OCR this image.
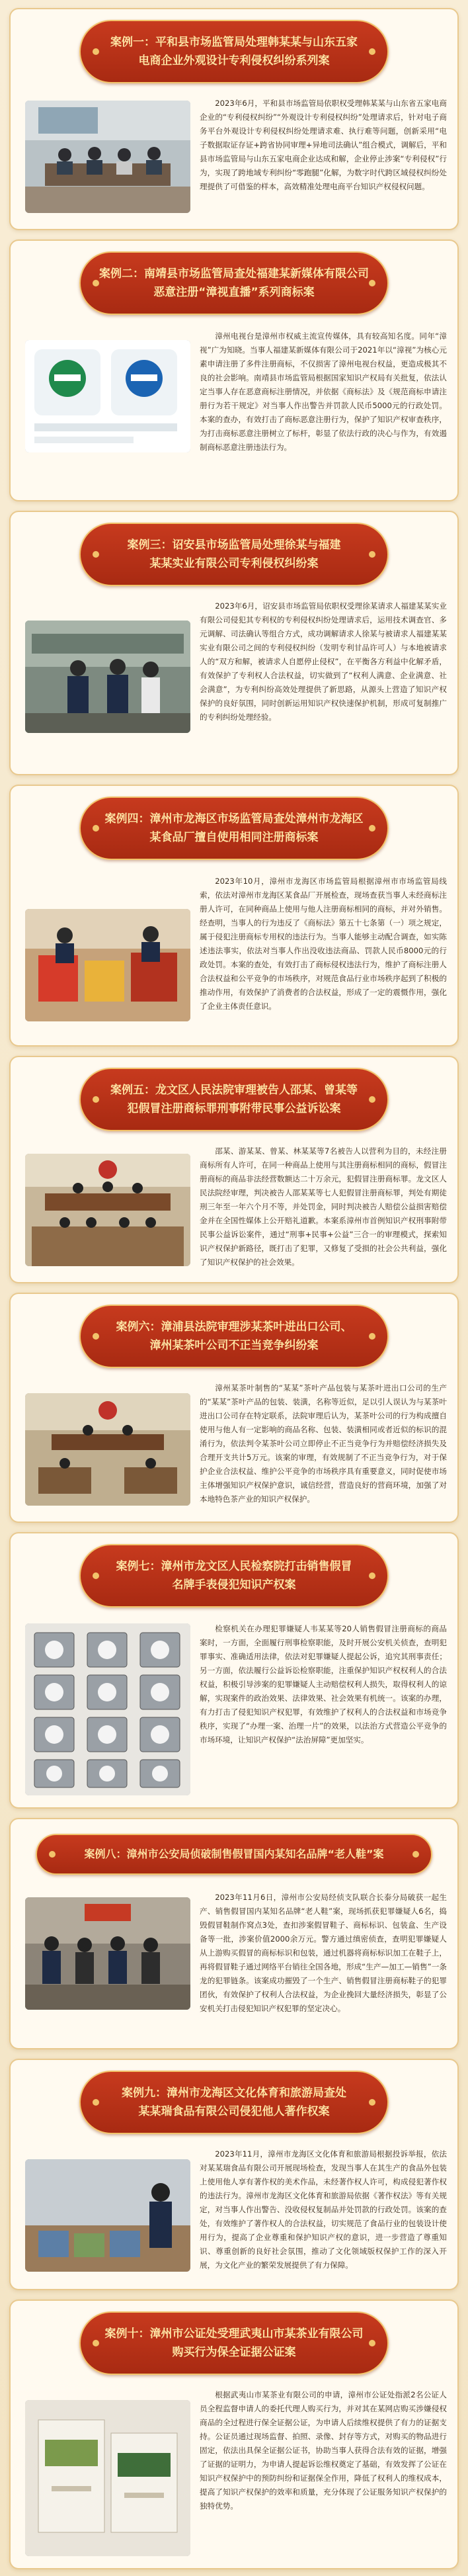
案例一：平和县市场监管局处理韩某某与山东五家
电商企业外观设计专利侵权纠纷系列案

2023年6月，平和县市场监管局依职权受理韩某某与山东省五家电商企业的“专利侵权纠纷”“外观设计专利侵权纠纷”处理请求后，针对电子商务平台外观设计专利侵权纠纷处理请求难、执行难等问题，创新采用“电子数据取证存证+跨省协同审理+异地司法确认”组合模式，调解后，平和县市场监管局与山东五家电商企业达成和解，企业停止涉案“专利侵权”行为，实现了跨地域专利纠纷“零跑腿”化解，为数字时代跨区域侵权纠纷处理提供了可借鉴的样本，高效精准处理电商平台知识产权侵权问题。

案例二：南靖县市场监管局查处福建某新媒体有限公司
恶意注册“漳视直播”系列商标案

漳州电视台是漳州市权威主流宣传媒体，具有较高知名度。同年“漳视”广为知晓。当事人福建某新媒体有限公司于2021年以“漳视”为核心元素申请注册了多件注册商标，不仅损害了漳州电视台权益，更造成极其不良的社会影响。南靖县市场监管局根据国家知识产权局有关批复，依法认定当事人存在恶意商标注册情况，并依据《商标法》及《规范商标申请注册行为若干规定》对当事人作出警告并罚款人民币5000元的行政处罚。本案的查办，有效打击了商标恶意注册行为，保护了知识产权审查秩序，为打击商标恶意注册树立了标杆，彰显了依法行政的决心与作为，有效遏制商标恶意注册违法行为。

案例三：诏安县市场监管局处理徐某与福建
某某实业有限公司专利侵权纠纷案

2023年6月，诏安县市场监管局依职权受理徐某请求人福建某某实业有限公司侵犯其专利权的专利侵权纠纷处理请求后，运用技术调查官、多元调解、司法确认等组合方式，成功调解请求人徐某与被请求人福建某某实业有限公司之间的专利侵权纠纷（发明专利甘品许可人）与本地被请求人的“双方和解，被请求人自愿停止侵权”，在平衡各方利益中化解矛盾，有效保护了专利权人合法权益，切实做到了“权利人满意、企业满意、社会满意”，为专利纠纷高效处理提供了新思路，从源头上营造了知识产权保护的良好氛围，同时创新运用知识产权快速保护机制，形成可复制推广的专利纠纷处理经验。

案例四：漳州市龙海区市场监管局查处漳州市龙海区
某食品厂擅自使用相同注册商标案

2023年10月，漳州市龙海区市场监管局根据漳州市市场监管局线索，依法对漳州市龙海区某食品厂开展检查，现场查获当事人未经商标注册人许可，在同种商品上使用与他人注册商标相同的商标，并对外销售。经查明，当事人的行为违反了《商标法》第五十七条第（一）项之规定，属于侵犯注册商标专用权的违法行为。当事人能够主动配合调查，如实陈述违法事实，依法对当事人作出没收违法商品、罚款人民币8000元的行政处罚。本案的查处，有效打击了商标侵权违法行为，维护了商标注册人合法权益和公平竞争的市场秩序，对规范食品行业市场秩序起到了积极的推动作用，有效保护了消费者的合法权益，形成了一定的震慑作用，强化了企业主体责任意识。

案例五：龙文区人民法院审理被告人邵某、曾某等
犯假冒注册商标罪刑事附带民事公益诉讼案

邵某、游某某、曾某、林某某等7名被告人以营利为目的，未经注册商标所有人许可，在同一种商品上使用与其注册商标相同的商标，假冒注册商标的商品非法经营数额达二十万余元，犯假冒注册商标罪。龙文区人民法院经审理，判决被告人邵某某等七人犯假冒注册商标罪，判处有期徒刑三年至一年六个月不等，并处罚金，同时判决被告人赔偿公益损害赔偿金并在全国性媒体上公开赔礼道歉。本案系漳州市首例知识产权刑事附带民事公益诉讼案件，通过“刑事+民事+公益”三合一的审理模式，探索知识产权保护新路径，既打击了犯罪，又修复了受损的社会公共利益，强化了知识产权保护的社会效果。

案例六：漳浦县法院审理涉某茶叶进出口公司、
漳州某茶叶公司不正当竞争纠纷案

漳州某茶叶制售的“某某”茶叶产品包装与某茶叶进出口公司的生产的“某某”茶叶产品的包装、装潢，名称等近似，足以引人误认为与某茶叶进出口公司存在特定联系，法院审理后认为，某茶叶公司的行为构成擅自使用与他人有一定影响的商品名称、包装、装潢相同或者近似的标识的混淆行为，依法判令某茶叶公司立即停止不正当竞争行为并赔偿经济损失及合理开支共计5万元。该案的审理，有效规制了不正当竞争行为，对于保护企业合法权益、维护公平竞争的市场秩序具有重要意义，同时促使市场主体增强知识产权保护意识，诚信经营，营造良好的营商环境，加强了对本地特色茶产业的知识产权保护。

案例七：漳州市龙文区人民检察院打击销售假冒
名牌手表侵犯知识产权案

检察机关在办理犯罪嫌疑人韦某某等20人销售假冒注册商标的商品案时，一方面，全面履行刑事检察职能，及时开展公安机关侦查，查明犯罪事实、准确适用法律，依法对犯罪嫌疑人提起公诉，追究其刑事责任；另一方面，依法履行公益诉讼检察职能，注重保护知识产权权利人的合法权益，积极引导涉案的犯罪嫌疑人主动赔偿权利人损失，取得权利人的谅解，实现案件的政治效果、法律效果、社会效果有机统一。该案的办理，有力打击了侵犯知识产权犯罪，有效维护了权利人的合法权益和市场竞争秩序，实现了“办理一案、治理一片”的效果，以法治方式营造公平竞争的市场环境，让知识产权保护“法治屏障”更加坚实。

案例八：漳州市公安局侦破制售假冒国内某知名品牌“老人鞋”案

2023年11月6日，漳州市公安局经侦支队联合长泰分局破获一起生产、销售假冒国内某知名品牌“老人鞋”案，现场抓获犯罪嫌疑人6名，捣毁假冒鞋制作窝点3处，查扣涉案假冒鞋子、商标标识、包装盒、生产设备等一批，涉案价值2000余万元。警方通过缜密侦查，查明犯罪嫌疑人从上游购买假冒的商标标识和包装，通过机器将商标标识加工在鞋子上，再将假冒鞋子通过网络平台销往全国各地，形成“生产—加工—销售”一条龙的犯罪链条。该案成功摧毁了一个生产、销售假冒注册商标鞋子的犯罪团伙，有效保护了权利人合法权益，为企业挽回大量经济损失，彰显了公安机关打击侵犯知识产权犯罪的坚定决心。

案例九：漳州市龙海区文化体育和旅游局查处
某某瑞食品有限公司侵犯他人著作权案

2023年11月，漳州市龙海区文化体育和旅游局根据投诉举报，依法对某某瑞食品有限公司开展现场检查，发现当事人在其生产的食品外包装上使用他人享有著作权的美术作品，未经著作权人许可，构成侵犯著作权的违法行为。漳州市龙海区文化体育和旅游局依据《著作权法》等有关规定，对当事人作出警告、没收侵权复制品并处罚款的行政处罚。该案的查处，有效维护了著作权人的合法权益，切实规范了食品行业的包装设计使用行为，提高了企业尊重和保护知识产权的意识，进一步营造了尊重知识、尊重创新的良好社会氛围，推动了文化领域版权保护工作的深入开展，为文化产业的繁荣发展提供了有力保障。

案例十：漳州市公证处受理武夷山市某茶业有限公司
购买行为保全证据公证案

根据武夷山市某茶业有限公司的申请，漳州市公证处指派2名公证人员全程监督申请人的委托代理人购买行为，并对其在某网店购买涉嫌侵权商品的全过程进行保全证据公证，为申请人后续维权提供了有力的证据支持。公证员通过现场监督、拍照、录像、封存等方式，对购买的物品进行固定，依法出具保全证据公证书，协助当事人获得合法有效的证据，增强了证据的证明力，为申请人提起诉讼维权奠定了基础，有效发挥了公证在知识产权保护中的预防纠纷和证据保全作用，降低了权利人的维权成本，提高了知识产权保护的效率和质量，充分体现了公证服务知识产权保护的独特优势。
